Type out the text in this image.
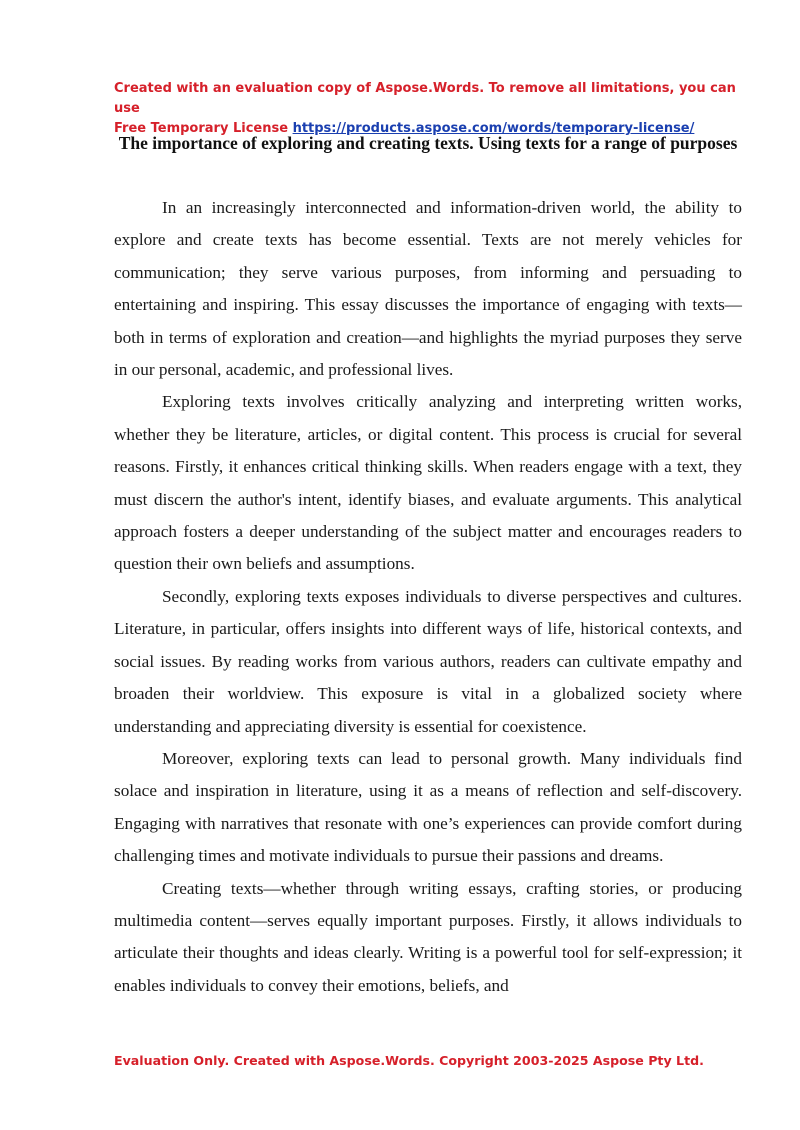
Created with an evaluation copy of Aspose.Words. To remove all limitations, you can use
Free Temporary License https://products.aspose.com/words/temporary-license/
The importance of exploring and creating texts. Using texts for a range of purposes

In an increasingly interconnected and information-driven world, the ability to explore and create texts has become essential. Texts are not merely vehicles for communication; they serve various purposes, from informing and persuading to entertaining and inspiring. This essay discusses the importance of engaging with texts—both in terms of exploration and creation—and highlights the myriad purposes they serve in our personal, academic, and professional lives.

Exploring texts involves critically analyzing and interpreting written works, whether they be literature, articles, or digital content. This process is crucial for several reasons. Firstly, it enhances critical thinking skills. When readers engage with a text, they must discern the author's intent, identify biases, and evaluate arguments. This analytical approach fosters a deeper understanding of the subject matter and encourages readers to question their own beliefs and assumptions.

Secondly, exploring texts exposes individuals to diverse perspectives and cultures. Literature, in particular, offers insights into different ways of life, historical contexts, and social issues. By reading works from various authors, readers can cultivate empathy and broaden their worldview. This exposure is vital in a globalized society where understanding and appreciating diversity is essential for coexistence.

Moreover, exploring texts can lead to personal growth. Many individuals find solace and inspiration in literature, using it as a means of reflection and self-discovery. Engaging with narratives that resonate with one’s experiences can provide comfort during challenging times and motivate individuals to pursue their passions and dreams.

Creating texts—whether through writing essays, crafting stories, or producing multimedia content—serves equally important purposes. Firstly, it allows individuals to articulate their thoughts and ideas clearly. Writing is a powerful tool for self-expression; it enables individuals to convey their emotions, beliefs, and

Evaluation Only. Created with Aspose.Words. Copyright 2003-2025 Aspose Pty Ltd.
